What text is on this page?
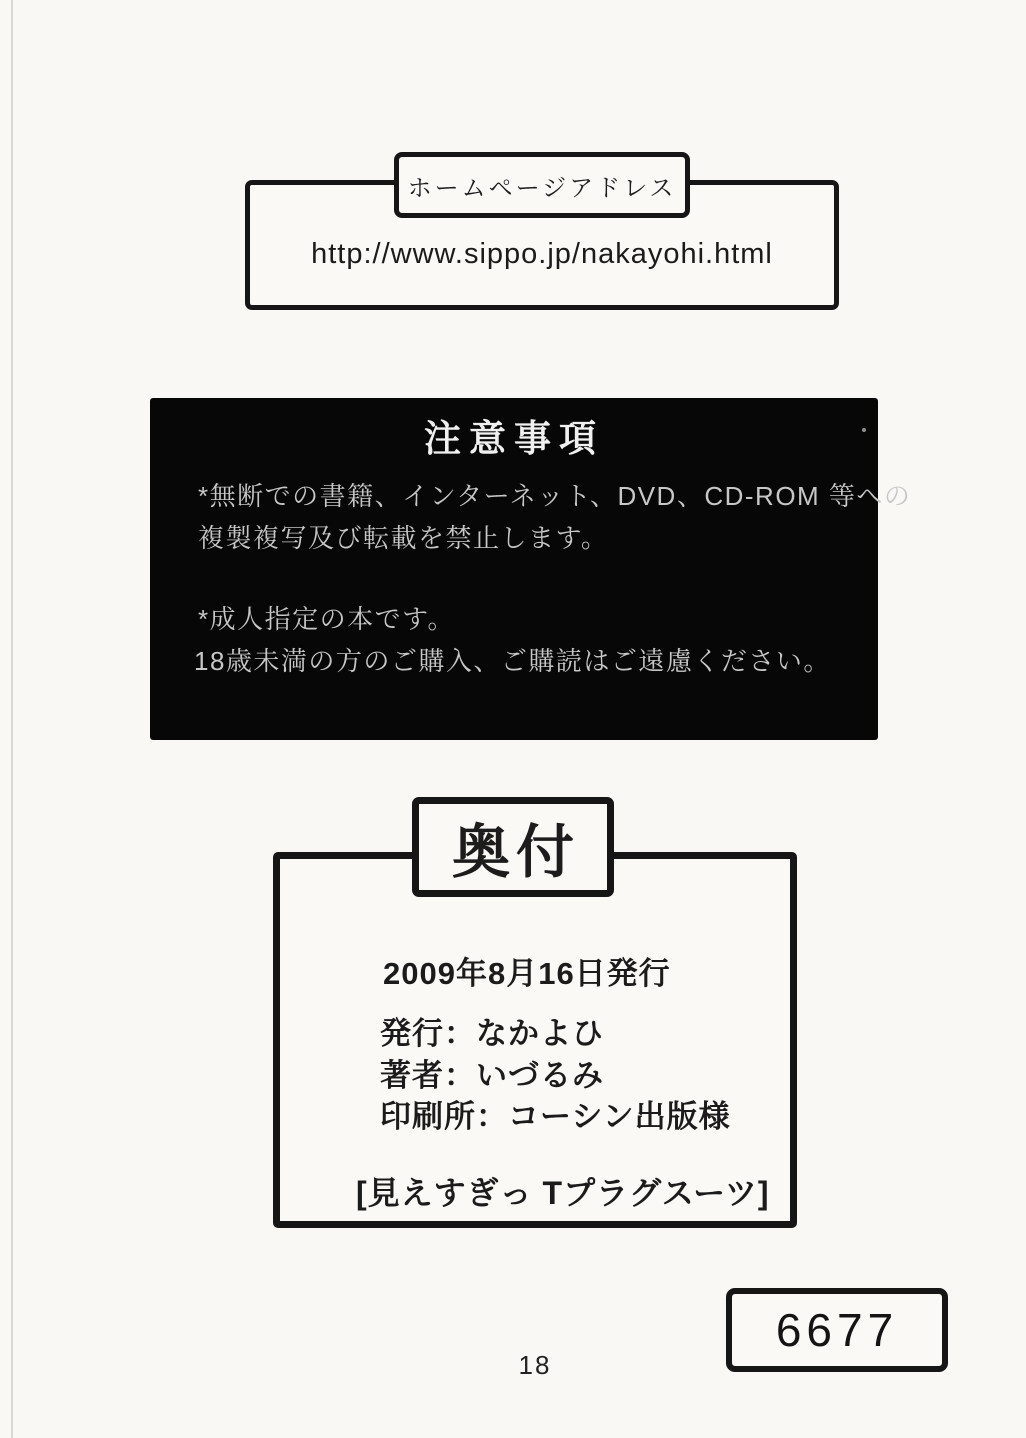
ホームページアドレス
http://www.sippo.jp/nakayohi.html
注意事項

*無断での書籍、インターネット、DVD、CD-ROM 等への

複製複写及び転載を禁止します。

*成人指定の本です。

18歳未満の方のご購入、ご購読はご遠慮ください。

奥付

2009年8月16日発行

発行：なかよひ

著者：いづるみ

印刷所：コーシン出版様

[見えすぎっ Tプラグスーツ]

6677
18
